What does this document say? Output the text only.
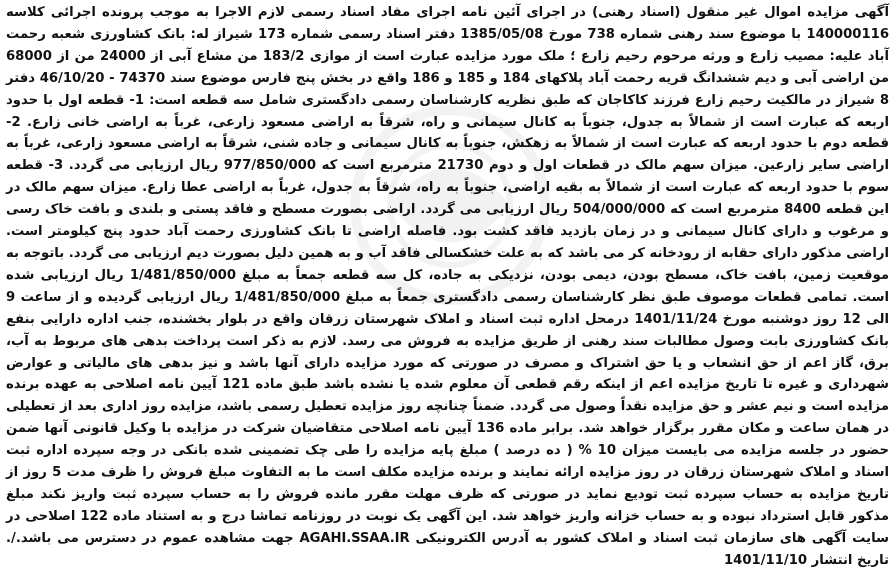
آگهی مزایده اموال غیر منقول (اسناد رهنی) در اجرای آئین نامه اجرای مفاد اسناد رسمی لازم الاجرا به موجب پرونده اجرائی کلاسه 140000116 با موضوع سند رهنی شماره 738 مورخ 1385/05/08 دفتر اسناد رسمی شماره 173 شیراز له: بانک کشاورزی شعبه رحمت آباد علیه: مصیب زارع و ورثه مرحوم رحیم زارع ؛ ملک مورد مزایده عبارت است از موازی 183/2 من مشاع آبی از 24000 من از 68000 من اراضی آبی و دیم ششدانگ قریه رحمت آباد پلاکهای 184 و 185 و 186 واقع در بخش پنج فارس موضوع سند 74370 - 46/10/20 دفتر 8 شیراز در مالکیت رحیم زارع فرزند کاکاجان که طبق نظریه کارشناسان رسمی دادگستری شامل سه قطعه است: 1- قطعه اول با حدود اربعه که عبارت است از شمالاً به جدول، جنوباً به کانال سیمانی و راه، شرقاً به اراضی مسعود زارعی، غرباً به اراضی خانی زارع. 2- قطعه دوم با حدود اربعه که عبارت است از شمالاً به زهکش، جنوباً به کانال سیمانی و جاده شنی، شرقاً به اراضی مسعود زارعی، غرباً به اراضی سایر زارعین. میزان سهم مالک در قطعات اول و دوم 21730 مترمربع است که 977/850/000 ریال ارزیابی می گردد. 3- قطعه سوم با حدود اربعه که عبارت است از شمالاً به بقیه اراضی، جنوباً به راه، شرقاً به جدول، غرباً به اراضی عطا زارع. میزان سهم مالک در این قطعه 8400 مترمربع است که 504/000/000 ریال ارزیابی می گردد. اراضی بصورت مسطح و فاقد پستی و بلندی و بافت خاک رسی و مرغوب و دارای کانال سیمانی و در زمان بازدید فاقد کشت بود. فاصله اراضی تا بانک کشاورزی رحمت آباد حدود پنج کیلومتر است. اراضی مذکور دارای حقابه از رودخانه کر می باشد که به علت خشکسالی فاقد آب و به همین دلیل بصورت دیم ارزیابی می گردد. باتوجه به موقعیت زمین، بافت خاک، مسطح بودن، دیمی بودن، نزدیکی به جاده، کل سه قطعه جمعاً به مبلغ 1/481/850/000 ریال ارزیابی شده است. تمامی قطعات موصوف طبق نظر کارشناسان رسمی دادگستری جمعاً به مبلغ 1/481/850/000 ریال ارزیابی گردیده و از ساعت 9 الی 12 روز دوشنبه مورخ 1401/11/24 درمحل اداره ثبت اسناد و املاک شهرستان زرقان واقع در بلوار بخشنده، جنب اداره دارایی بنفع بانک کشاورزی بابت وصول مطالبات سند رهنی از طریق مزایده به فروش می رسد. لازم به ذکر است پرداخت بدهی های مربوط به آب، برق، گاز اعم از حق انشعاب و یا حق اشتراک و مصرف در صورتی که مورد مزایده دارای آنها باشد و نیز بدهی های مالیاتی و عوارض شهرداری و غیره تا تاریخ مزایده اعم از اینکه رقم قطعی آن معلوم شده یا نشده باشد طبق ماده 121 آیین نامه اصلاحی به عهده برنده مزایده است و نیم عشر و حق مزایده نقداً وصول می گردد. ضمناً چنانچه روز مزایده تعطیل رسمی باشد، مزایده روز اداری بعد از تعطیلی در همان ساعت و مکان مقرر برگزار خواهد شد. برابر ماده 136 آیین نامه اصلاحی متقاضیان شرکت در مزایده با وکیل قانونی آنها ضمن حضور در جلسه مزایده می بایست میزان 10 % ( ده درصد ) مبلغ پایه مزایده را طی چک تضمینی شده بانکی در وجه سپرده اداره ثبت اسناد و املاک شهرستان زرقان در روز مزایده ارائه نمایند و برنده مزایده مکلف است ما به التفاوت مبلغ فروش را ظرف مدت 5 روز از تاریخ مزایده به حساب سپرده ثبت تودیع نماید در صورتی که ظرف مهلت مقرر مانده فروش را به حساب سپرده ثبت واریز نکند مبلغ مذکور قابل استرداد نبوده و به حساب خزانه واریز خواهد شد. این آگهی یک نوبت در روزنامه تماشا درج و به استناد ماده 122 اصلاحی در سایت آگهی های سازمان ثبت اسناد و املاک کشور به آدرس الکترونیکی AGAHI.SSAA.IR جهت مشاهده عموم در دسترس می باشد./. تاریخ انتشار 1401/11/10
